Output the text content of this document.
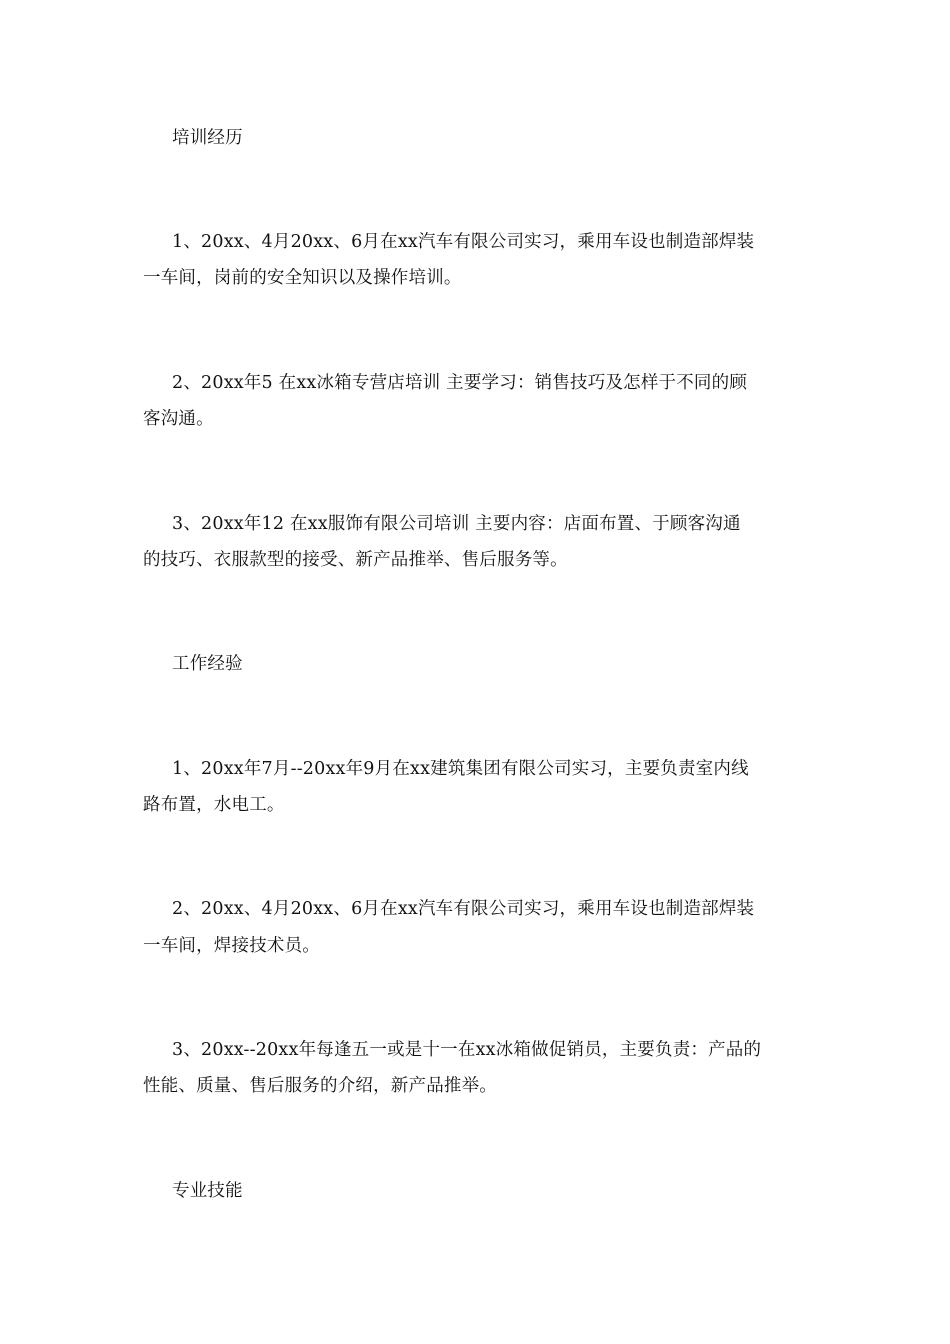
培训经历
1、20xx、4月20xx、6月在xx汽车有限公司实习，乘用车设也制造部焊装
一车间，岗前的安全知识以及操作培训。
2、20xx年5 在xx冰箱专营店培训 主要学习：销售技巧及怎样于不同的顾
客沟通。
3、20xx年12 在xx服饰有限公司培训 主要内容：店面布置、于顾客沟通
的技巧、衣服款型的接受、新产品推举、售后服务等。
工作经验
1、20xx年7月--20xx年9月在xx建筑集团有限公司实习，主要负责室内线
路布置，水电工。
2、20xx、4月20xx、6月在xx汽车有限公司实习，乘用车设也制造部焊装
一车间，焊接技术员。
3、20xx--20xx年每逢五一或是十一在xx冰箱做促销员，主要负责：产品的
性能、质量、售后服务的介绍，新产品推举。
专业技能
